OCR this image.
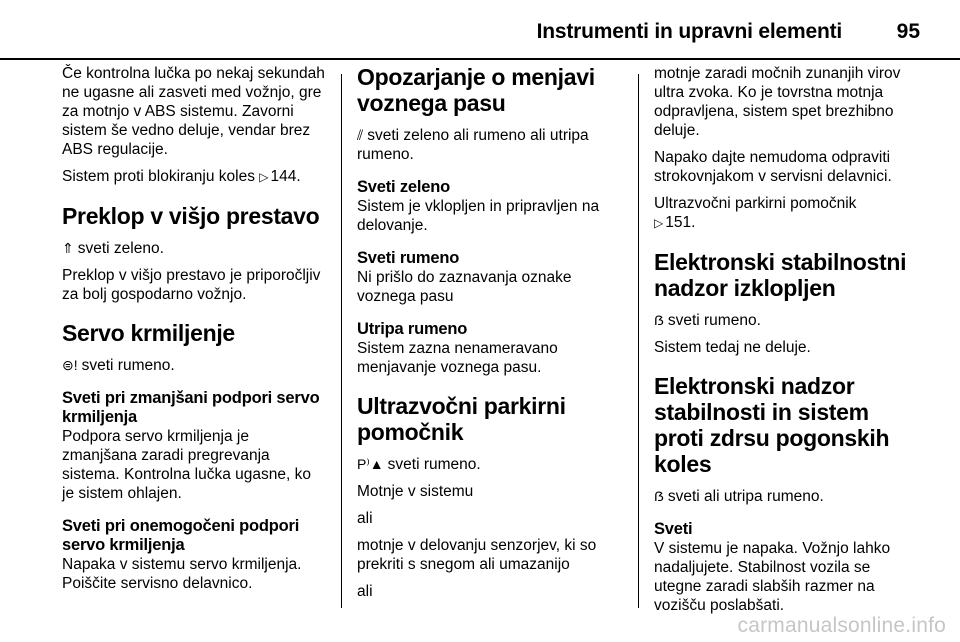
Instrumenti in upravni elementi	95

Če kontrolna lučka po nekaj sekundah ne ugasne ali zasveti med vožnjo, gre za motnjo v ABS sistemu. Zavorni sistem še vedno deluje, vendar brez ABS regulacije.

Sistem proti blokiranju koles ▷ 144.

Preklop v višjo prestavo

⇑ sveti zeleno.

Preklop v višjo prestavo je priporočljiv za bolj gospodarno vožnjo.

Servo krmiljenje

⊜! sveti rumeno.

Sveti pri zmanjšani podpori servo krmiljenja

Podpora servo krmiljenja je zmanjšana zaradi pregrevanja sistema. Kontrolna lučka ugasne, ko je sistem ohlajen.

Sveti pri onemogočeni podpori servo krmiljenja

Napaka v sistemu servo krmiljenja. Poiščite servisno delavnico.

Opozarjanje o menjavi voznega pasu

⫽ sveti zeleno ali rumeno ali utripa rumeno.

Sveti zeleno

Sistem je vklopljen in pripravljen na delovanje.

Sveti rumeno

Ni prišlo do zaznavanja oznake voznega pasu

Utripa rumeno

Sistem zazna nenameravano menjavanje voznega pasu.

Ultrazvočni parkirni pomočnik

P⁾▲ sveti rumeno.

Motnje v sistemu

ali

motnje v delovanju senzorjev, ki so prekriti s snegom ali umazanijo

ali

motnje zaradi močnih zunanjih virov ultra zvoka. Ko je tovrstna motnja odpravljena, sistem spet brezhibno deluje.

Napako dajte nemudoma odpraviti strokovnjakom v servisni delavnici.

Ultrazvočni parkirni pomočnik
▷ 151.

Elektronski stabilnostni nadzor izklopljen

ẞ sveti rumeno.

Sistem tedaj ne deluje.

Elektronski nadzor stabilnosti in sistem proti zdrsu pogonskih koles

ẞ sveti ali utripa rumeno.

Sveti

V sistemu je napaka. Vožnjo lahko nadaljujete. Stabilnost vozila se utegne zaradi slabših razmer na vozišču poslabšati.

carmanualsonline.info
